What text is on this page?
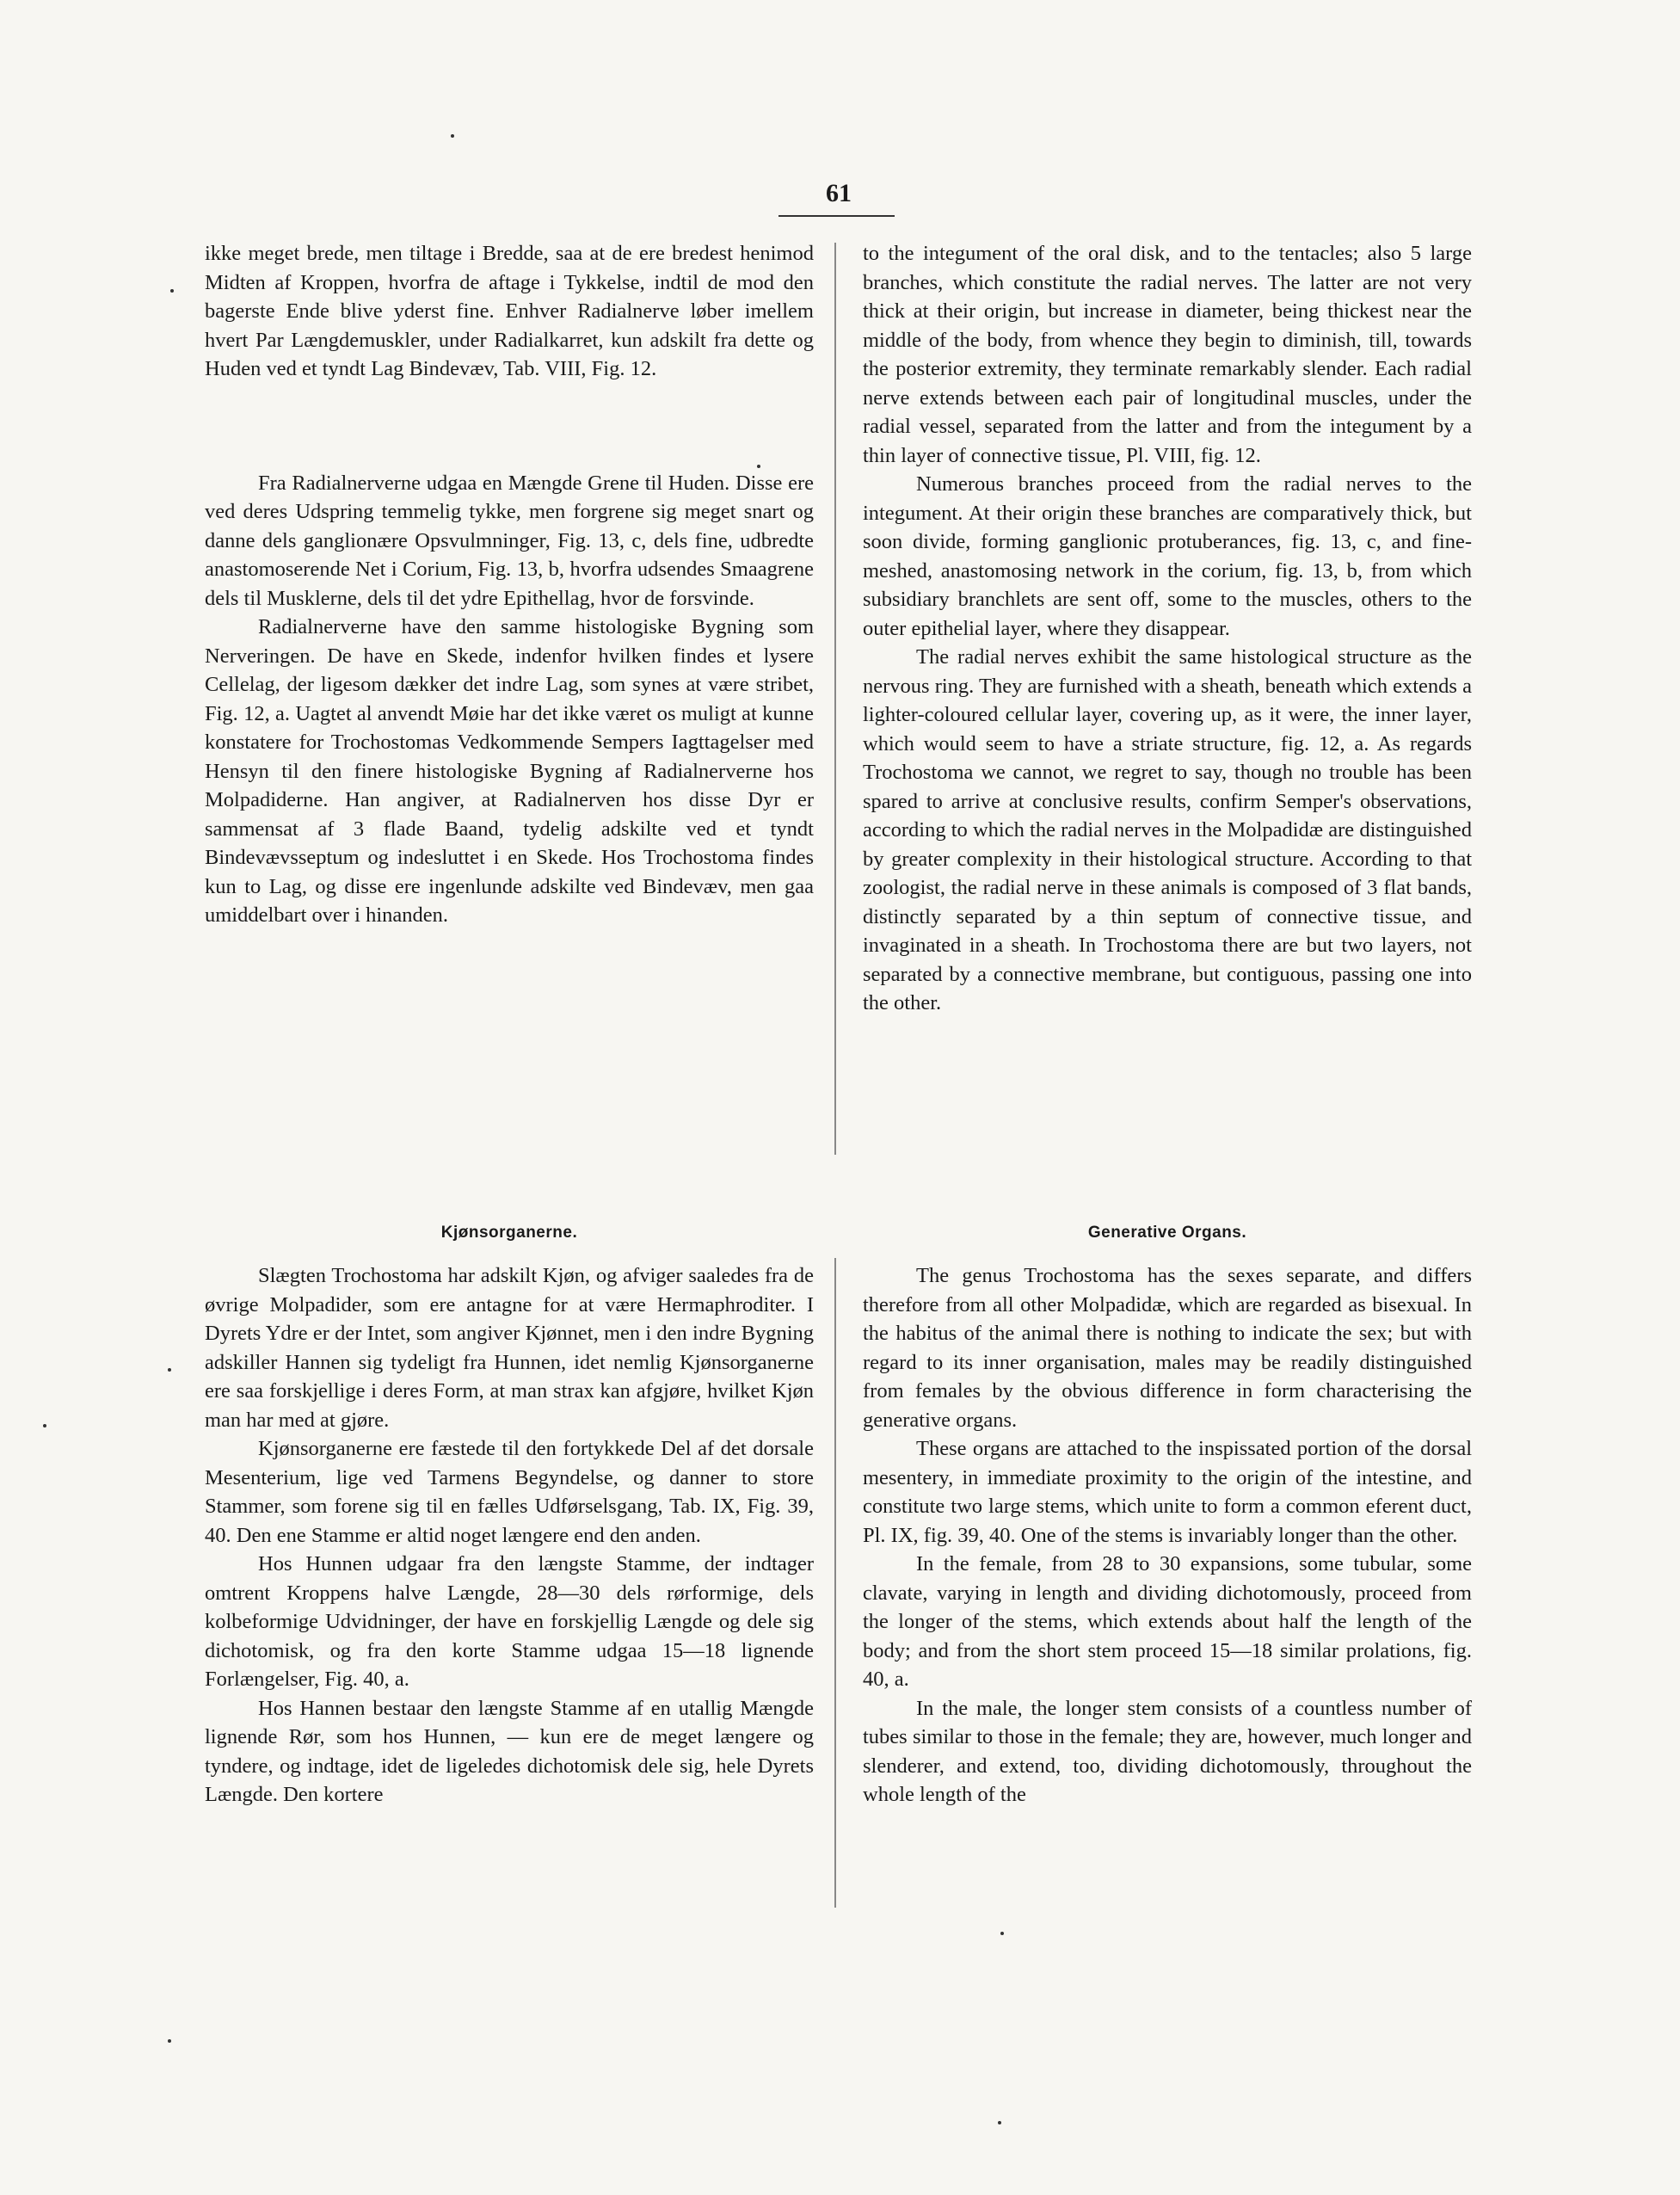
61

ikke meget brede, men tiltage i Bredde, saa at de ere bredest henimod Midten af Kroppen, hvorfra de aftage i Tykkelse, indtil de mod den bagerste Ende blive yderst fine. Enhver Radialnerve løber imellem hvert Par Længdemuskler, under Radialkarret, kun adskilt fra dette og Huden ved et tyndt Lag Bindevæv, Tab. VIII, Fig. 12.

Fra Radialnerverne udgaa en Mængde Grene til Huden. Disse ere ved deres Udspring temmelig tykke, men forgrene sig meget snart og danne dels ganglionære Opsvulmninger, Fig. 13, c, dels fine, udbredte anastomoserende Net i Corium, Fig. 13, b, hvorfra udsendes Smaagrene dels til Musklerne, dels til det ydre Epithellag, hvor de forsvinde.

Radialnerverne have den samme histologiske Bygning som Nerveringen. De have en Skede, indenfor hvilken findes et lysere Cellelag, der ligesom dækker det indre Lag, som synes at være stribet, Fig. 12, a. Uagtet al anvendt Møie har det ikke været os muligt at kunne konstatere for Trochostomas Vedkommende Sempers Iagttagelser med Hensyn til den finere histologiske Bygning af Radialnerverne hos Molpadiderne. Han angiver, at Radialnerven hos disse Dyr er sammensat af 3 flade Baand, tydelig adskilte ved et tyndt Bindevævsseptum og indesluttet i en Skede. Hos Trochostoma findes kun to Lag, og disse ere ingenlunde adskilte ved Bindevæv, men gaa umiddelbart over i hinanden.

to the integument of the oral disk, and to the tentacles; also 5 large branches, which constitute the radial nerves. The latter are not very thick at their origin, but increase in diameter, being thickest near the middle of the body, from whence they begin to diminish, till, towards the posterior extremity, they terminate remarkably slender. Each radial nerve extends between each pair of longitudinal muscles, under the radial vessel, separated from the latter and from the integument by a thin layer of connective tissue, Pl. VIII, fig. 12.

Numerous branches proceed from the radial nerves to the integument. At their origin these branches are comparatively thick, but soon divide, forming ganglionic protuberances, fig. 13, c, and fine-meshed, anastomosing network in the corium, fig. 13, b, from which subsidiary branchlets are sent off, some to the muscles, others to the outer epithelial layer, where they disappear.

The radial nerves exhibit the same histological structure as the nervous ring. They are furnished with a sheath, beneath which extends a lighter-coloured cellular layer, covering up, as it were, the inner layer, which would seem to have a striate structure, fig. 12, a. As regards Trochostoma we cannot, we regret to say, though no trouble has been spared to arrive at conclusive results, confirm Semper's observations, according to which the radial nerves in the Molpadidæ are distinguished by greater complexity in their histological structure. According to that zoologist, the radial nerve in these animals is composed of 3 flat bands, distinctly separated by a thin septum of connective tissue, and invaginated in a sheath. In Trochostoma there are but two layers, not separated by a connective membrane, but contiguous, passing one into the other.

Kjønsorganerne.	Generative Organs.

Slægten Trochostoma har adskilt Kjøn, og afviger saaledes fra de øvrige Molpadider, som ere antagne for at være Hermaphroditer. I Dyrets Ydre er der Intet, som angiver Kjønnet, men i den indre Bygning adskiller Hannen sig tydeligt fra Hunnen, idet nemlig Kjønsorganerne ere saa forskjellige i deres Form, at man strax kan afgjøre, hvilket Kjøn man har med at gjøre.

Kjønsorganerne ere fæstede til den fortykkede Del af det dorsale Mesenterium, lige ved Tarmens Begyndelse, og danner to store Stammer, som forene sig til en fælles Udførselsgang, Tab. IX, Fig. 39, 40. Den ene Stamme er altid noget længere end den anden.

Hos Hunnen udgaar fra den længste Stamme, der indtager omtrent Kroppens halve Længde, 28—30 dels rørformige, dels kolbeformige Udvidninger, der have en forskjellig Længde og dele sig dichotomisk, og fra den korte Stamme udgaa 15—18 lignende Forlængelser, Fig. 40, a.

Hos Hannen bestaar den længste Stamme af en utallig Mængde lignende Rør, som hos Hunnen, — kun ere de meget længere og tyndere, og indtage, idet de ligeledes dichotomisk dele sig, hele Dyrets Længde. Den kortere

The genus Trochostoma has the sexes separate, and differs therefore from all other Molpadidæ, which are regarded as bisexual. In the habitus of the animal there is nothing to indicate the sex; but with regard to its inner organisation, males may be readily distinguished from females by the obvious difference in form characterising the generative organs.

These organs are attached to the inspissated portion of the dorsal mesentery, in immediate proximity to the origin of the intestine, and constitute two large stems, which unite to form a common eferent duct, Pl. IX, fig. 39, 40. One of the stems is invariably longer than the other.

In the female, from 28 to 30 expansions, some tubular, some clavate, varying in length and dividing dichotomously, proceed from the longer of the stems, which extends about half the length of the body; and from the short stem proceed 15—18 similar prolations, fig. 40, a.

In the male, the longer stem consists of a countless number of tubes similar to those in the female; they are, however, much longer and slenderer, and extend, too, dividing dichotomously, throughout the whole length of the
